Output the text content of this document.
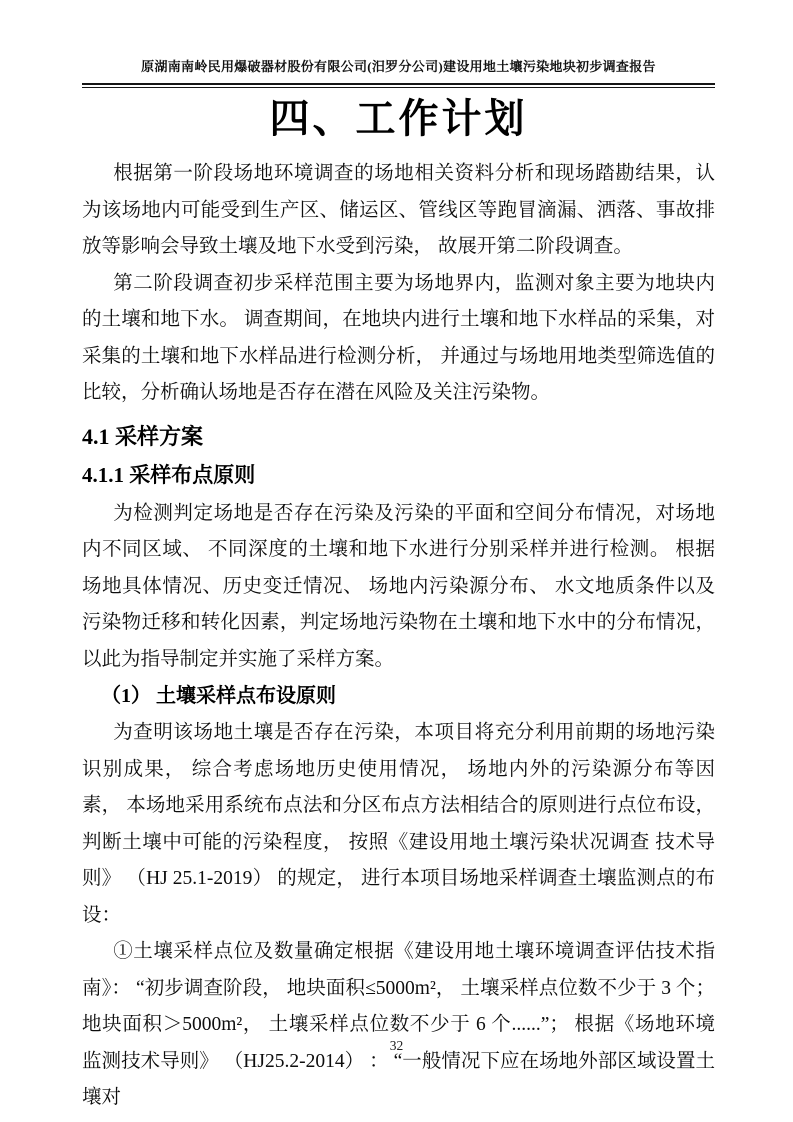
原湖南南岭民用爆破器材股份有限公司(汨罗分公司)建设用地土壤污染地块初步调查报告
四、工作计划

根据第一阶段场地环境调查的场地相关资料分析和现场踏勘结果，认为该场地内可能受到生产区、储运区、管线区等跑冒滴漏、洒落、事故排放等影响会导致土壤及地下水受到污染， 故展开第二阶段调查。

第二阶段调查初步采样范围主要为场地界内，监测对象主要为地块内的土壤和地下水。 调查期间，在地块内进行土壤和地下水样品的采集，对采集的土壤和地下水样品进行检测分析， 并通过与场地用地类型筛选值的比较，分析确认场地是否存在潜在风险及关注污染物。

4.1 采样方案
4.1.1 采样布点原则

为检测判定场地是否存在污染及污染的平面和空间分布情况，对场地内不同区域、 不同深度的土壤和地下水进行分别采样并进行检测。 根据场地具体情况、历史变迁情况、 场地内污染源分布、 水文地质条件以及污染物迁移和转化因素，判定场地污染物在土壤和地下水中的分布情况， 以此为指导制定并实施了采样方案。

（1） 土壤采样点布设原则

为查明该场地土壤是否存在污染，本项目将充分利用前期的场地污染识别成果， 综合考虑场地历史使用情况， 场地内外的污染源分布等因素， 本场地采用系统布点法和分区布点方法相结合的原则进行点位布设，判断土壤中可能的污染程度， 按照《建设用地土壤污染状况调查 技术导则》 （HJ 25.1-2019） 的规定， 进行本项目场地采样调查土壤监测点的布设：

①土壤采样点位及数量确定根据《建设用地土壤环境调查评估技术指南》： “初步调查阶段， 地块面积≤5000m²， 土壤采样点位数不少于 3 个；地块面积＞5000m²， 土壤采样点位数不少于 6 个......”； 根据《场地环境监测技术导则》 （HJ25.2-2014） ： “一般情况下应在场地外部区域设置土壤对

32
